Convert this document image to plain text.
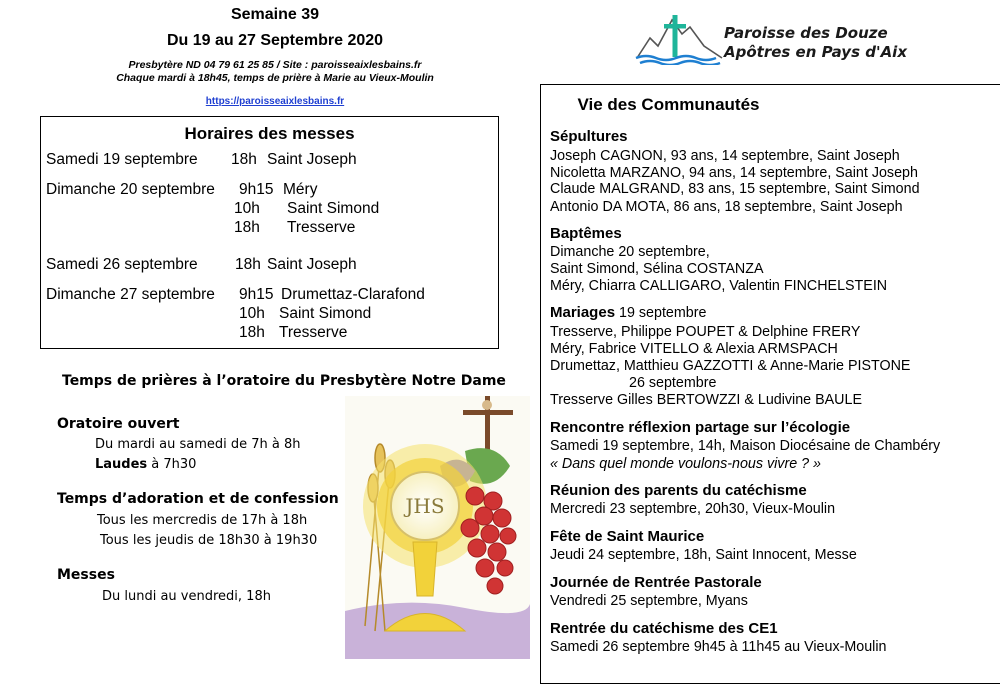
Semaine 39
Du 19 au 27 Septembre 2020
Presbytère ND 04 79 61 25 85 / Site : paroisseaixlesbains.fr
Chaque mardi à 18h45, temps de prière à Marie au Vieux-Moulin
https://paroisseaixlesbains.fr
Paroisse des Douze
Apôtres en Pays d'Aix
Horaires des messes
Samedi 19 septembre 18h Saint Joseph
Dimanche 20 septembre 9h15 Méry
10h Saint Simond
18h Tresserve
Samedi 26 septembre 18h Saint Joseph
Dimanche 27 septembre 9h15 Drumettaz-Clarafond
10h Saint Simond
18h Tresserve
Temps de prières à l’oratoire du Presbytère Notre Dame
Oratoire ouvert
Du mardi au samedi de 7h à 8h
Laudes à 7h30
Temps d’adoration et de confession
Tous les mercredis de 17h à 18h
Tous les jeudis de 18h30 à 19h30
Messes
Du lundi au vendredi, 18h
JHS
Vie des Communautés
Sépultures
Joseph CAGNON, 93 ans, 14 septembre, Saint Joseph
Nicoletta MARZANO, 94 ans, 14 septembre, Saint Joseph
Claude MALGRAND, 83 ans, 15 septembre, Saint Simond
Antonio DA MOTA, 86 ans, 18 septembre, Saint Joseph
Baptêmes
Dimanche 20 septembre,
Saint Simond, Sélina COSTANZA
Méry, Chiarra CALLIGARO, Valentin FINCHELSTEIN
Mariages 19 septembre
Tresserve, Philippe POUPET & Delphine FRERY
Méry, Fabrice VITELLO & Alexia ARMSPACH
Drumettaz, Matthieu GAZZOTTI & Anne-Marie PISTONE
26 septembre
Tresserve Gilles BERTOWZZI & Ludivine BAULE
Rencontre réflexion partage sur l’écologie
Samedi 19 septembre, 14h, Maison Diocésaine de Chambéry
« Dans quel monde voulons-nous vivre ? »
Réunion des parents du catéchisme
Mercredi 23 septembre, 20h30, Vieux-Moulin
Fête de Saint Maurice
Jeudi 24 septembre, 18h, Saint Innocent, Messe
Journée de Rentrée Pastorale
Vendredi 25 septembre, Myans
Rentrée du catéchisme des CE1
Samedi 26 septembre 9h45 à 11h45 au Vieux-Moulin
